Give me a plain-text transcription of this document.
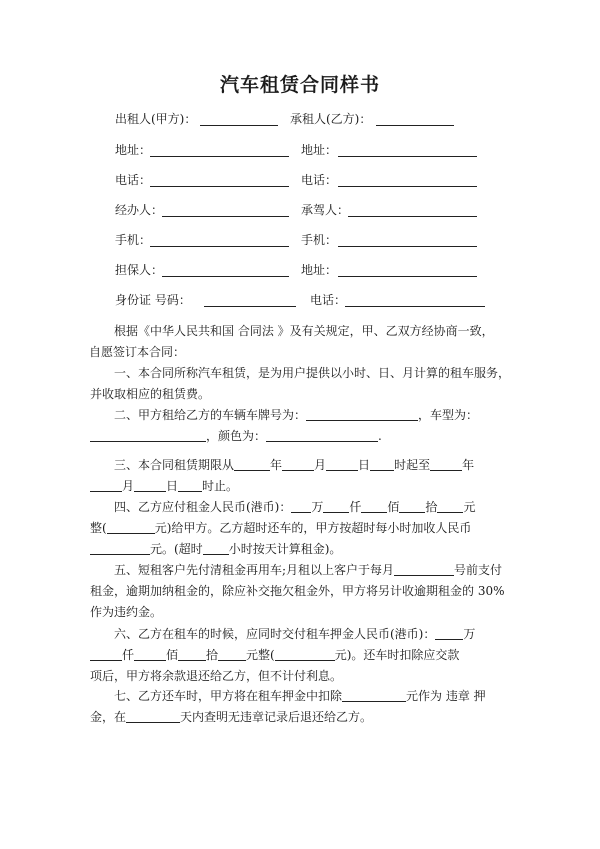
汽车租赁合同样书
出租人(甲方)：	承租人(乙方)：
地址：	地址：
电话：	电话：
经办人：	承驾人：
手机：	手机：
担保人：	地址：
身份证 号码：	电话：
根据《中华人民共和国 合同法 》及有关规定，甲、乙双方经协商一致，
自愿签订本合同：
一、本合同所称汽车租赁，是为用户提供以小时、日、月计算的租车服务，
并收取相应的租赁费。
二、甲方租给乙方的车辆车牌号为：	，车型为：
，颜色为：	.
三、本合同租赁期限从	年	月	日 时起至	年
月	日 时止。
四、乙方应付租金人民币(港币)： 万 仟 佰 拾 元
整(	元)给甲方。乙方超时还车的，甲方按超时每小时加收人民币
元。(超时 小时按天计算租金)。
五、短租客户先付清租金再用车;月租以上客户于每月	号前支付
租金，逾期加纳租金的，除应补交拖欠租金外，甲方将另计收逾期租金的 30%
作为违约金。
六、乙方在租车的时候，应同时交付租车押金人民币(港币)： 万
仟	佰 拾 元整(	元)。还车时扣除应交款
项后，甲方将余款退还给乙方，但不计付利息。
七、乙方还车时，甲方将在租车押金中扣除	元作为 违章 押
金，在	天内查明无违章记录后退还给乙方。
